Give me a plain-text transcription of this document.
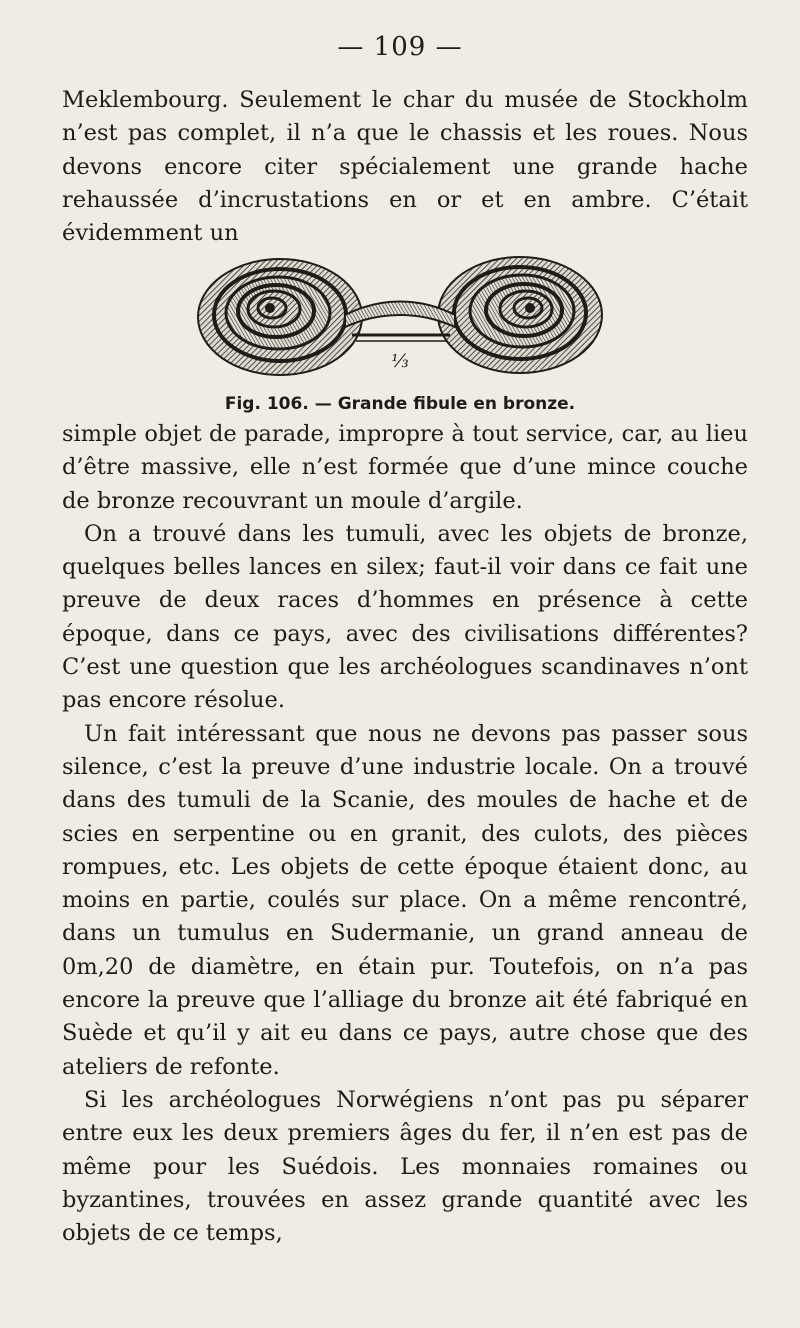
— 109 —

Meklembourg. Seulement le char du musée de Stockholm n’est pas complet, il n’a que le chassis et les roues. Nous devons encore citer spécialement une grande hache rehaussée d’incrustations en or et en ambre. C’était évidemment un

⅓
Fig. 106. — Grande fibule en bronze.

simple objet de parade, impropre à tout service, car, au lieu d’être massive, elle n’est formée que d’une mince couche de bronze recouvrant un moule d’argile.

On a trouvé dans les tumuli, avec les objets de bronze, quelques belles lances en silex; faut-il voir dans ce fait une preuve de deux races d’hommes en présence à cette époque, dans ce pays, avec des civilisations différentes? C’est une question que les archéologues scandinaves n’ont pas encore résolue.

Un fait intéressant que nous ne devons pas passer sous silence, c’est la preuve d’une industrie locale. On a trouvé dans des tumuli de la Scanie, des moules de hache et de scies en serpentine ou en granit, des culots, des pièces rompues, etc. Les objets de cette époque étaient donc, au moins en partie, coulés sur place. On a même rencontré, dans un tumulus en Sudermanie, un grand anneau de 0m,20 de diamètre, en étain pur. Toutefois, on n’a pas encore la preuve que l’alliage du bronze ait été fabriqué en Suède et qu’il y ait eu dans ce pays, autre chose que des ateliers de refonte.

Si les archéologues Norwégiens n’ont pas pu séparer entre eux les deux premiers âges du fer, il n’en est pas de même pour les Suédois. Les monnaies romaines ou byzantines, trouvées en assez grande quantité avec les objets de ce temps,
